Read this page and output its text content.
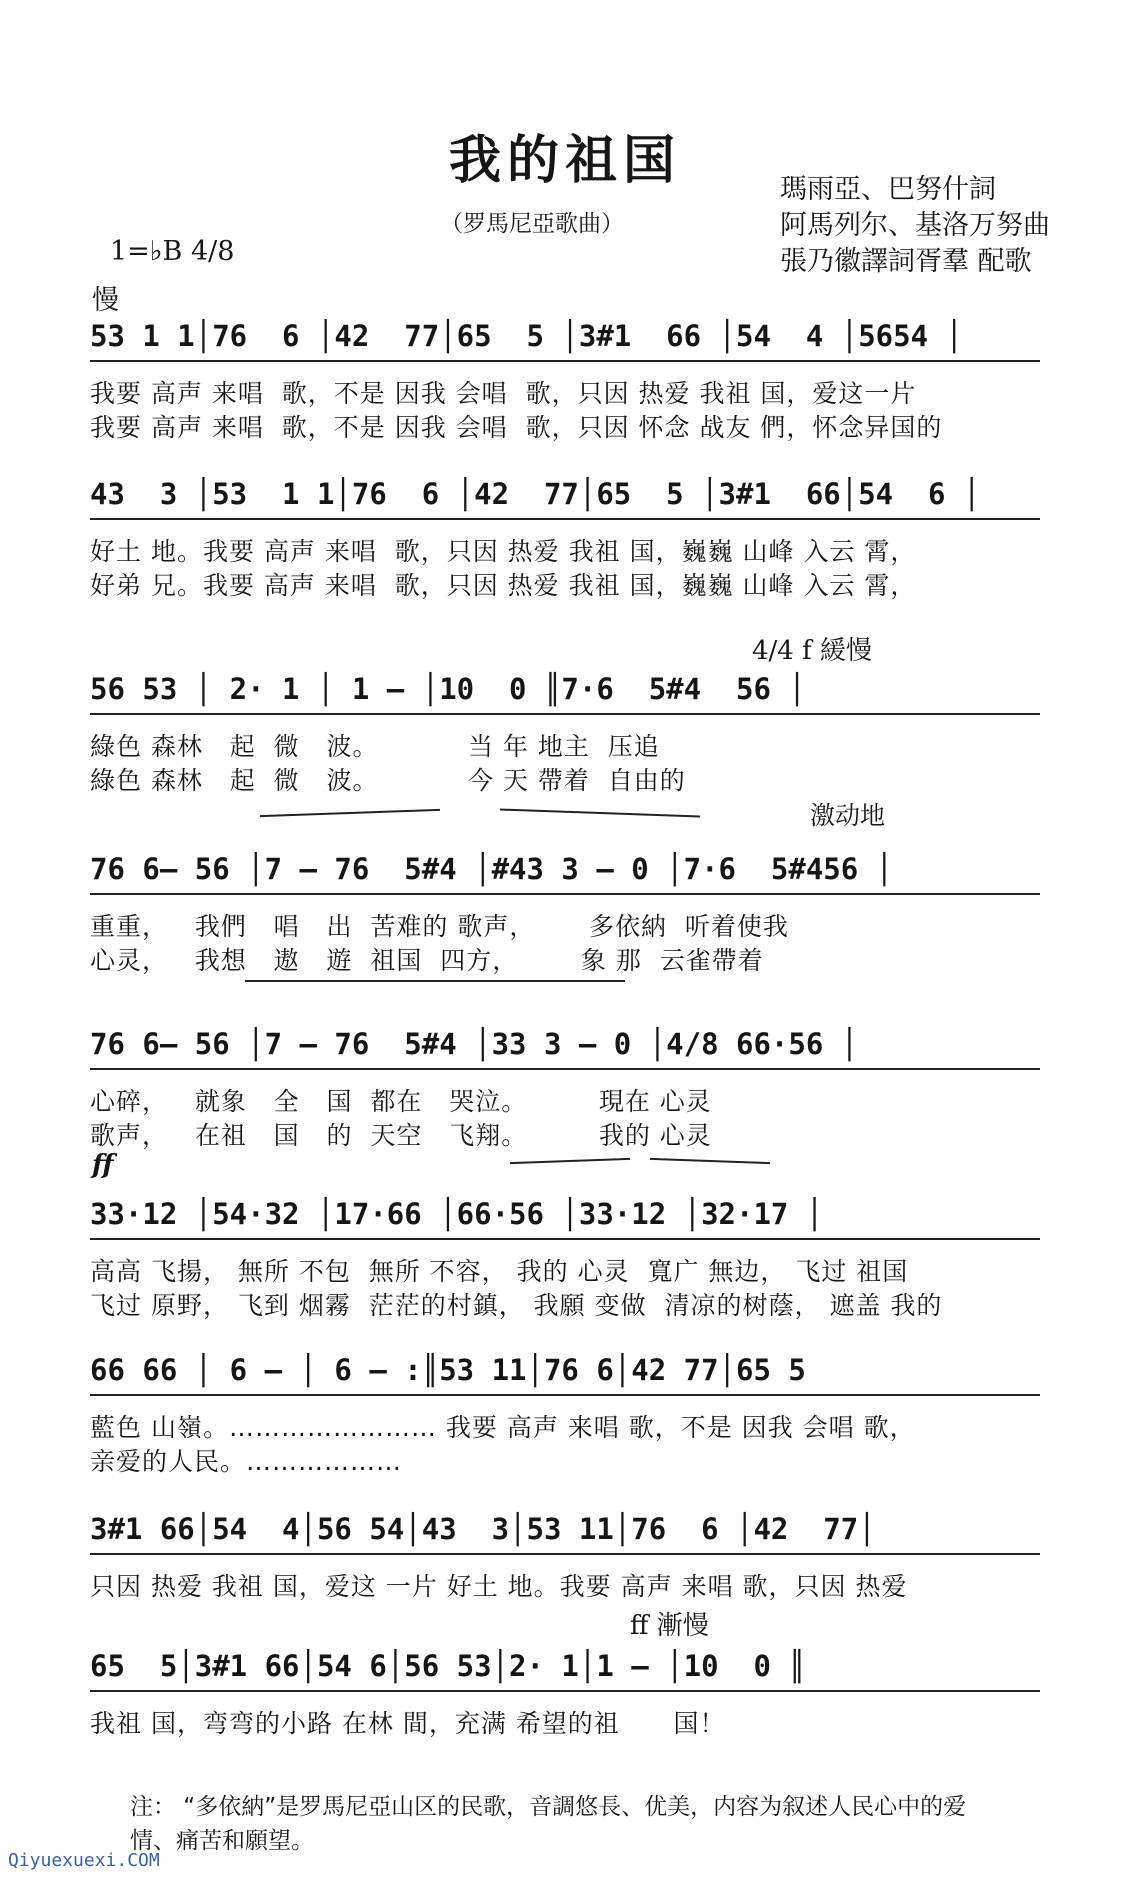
我的祖国
（罗馬尼亞歌曲）
瑪雨亞、巴努什詞
阿馬列尔、基洛万努曲
張乃徽譯詞胥羣 配歌
1=♭B 4/8
慢
53 1 1│76  6 │42  77│65  5 │3#1  66 │54  4 │5654 │
我要 高声 来唱  歌，不是 因我 会唱  歌，只因 热爱 我祖 国，爱这一片
我要 高声 来唱  歌，不是 因我 会唱  歌，只因 怀念 战友 們，怀念异国的
43  3 │53  1 1│76  6 │42  77│65  5 │3#1  66│54  6 │
好土 地。我要 高声 来唱  歌，只因 热爱 我祖 国，巍巍 山峰 入云 霄，
好弟 兄。我要 高声 来唱  歌，只因 热爱 我祖 国，巍巍 山峰 入云 霄，
4/4 f 緩慢
56 53 │ 2· 1 │ 1 — │10  0 ║7·6  5#4  56 │
綠色 森林   起  微   波。          当 年 地主  压追
綠色 森林   起  微   波。          今 天 帶着  自由的
激动地
76 6— 56 │7 — 76  5#4 │#43 3 — 0 │7·6  5#456 │
重重，   我們   唱   出  苦难的 歌声，      多依納  听着使我
心灵，   我想   遨   遊  祖国  四方，       象 那  云雀帶着
76 6— 56 │7 — 76  5#4 │33 3 — 0 │4/8 66·56 │
心碎，   就象   全   国  都在   哭泣。        現在 心灵
歌声，   在祖   国   的  天空   飞翔。        我的 心灵
ff
33·12 │54·32 │17·66 │66·56 │33·12 │32·17 │
高高 飞揚， 無所 不包  無所 不容， 我的 心灵  寬广 無边， 飞过 祖国
飞过 原野， 飞到 烟霧  茫茫的村鎮， 我願 变做  清凉的树蔭， 遮盖 我的
66 66 │ 6 — │ 6 — :║53 11│76 6│42 77│65 5
藍色 山嶺。…………………… 我要 高声 来唱 歌，不是 因我 会唱 歌，
亲爱的人民。………………
3#1 66│54  4│56 54│43  3│53 11│76  6 │42  77│
只因 热爱 我祖 国，爱这 一片 好土 地。我要 高声 来唱 歌，只因 热爱
ff 漸慢
65  5│3#1 66│54 6│56 53│2· 1│1 — │10  0 ║
我祖 国，弯弯的小路 在林 間，充满 希望的祖      国！
注： “多依納”是罗馬尼亞山区的民歌，音調悠長、优美，内容为叙述人民心中的爱
情、痛苦和願望。
Qiyuexuexi.COM
